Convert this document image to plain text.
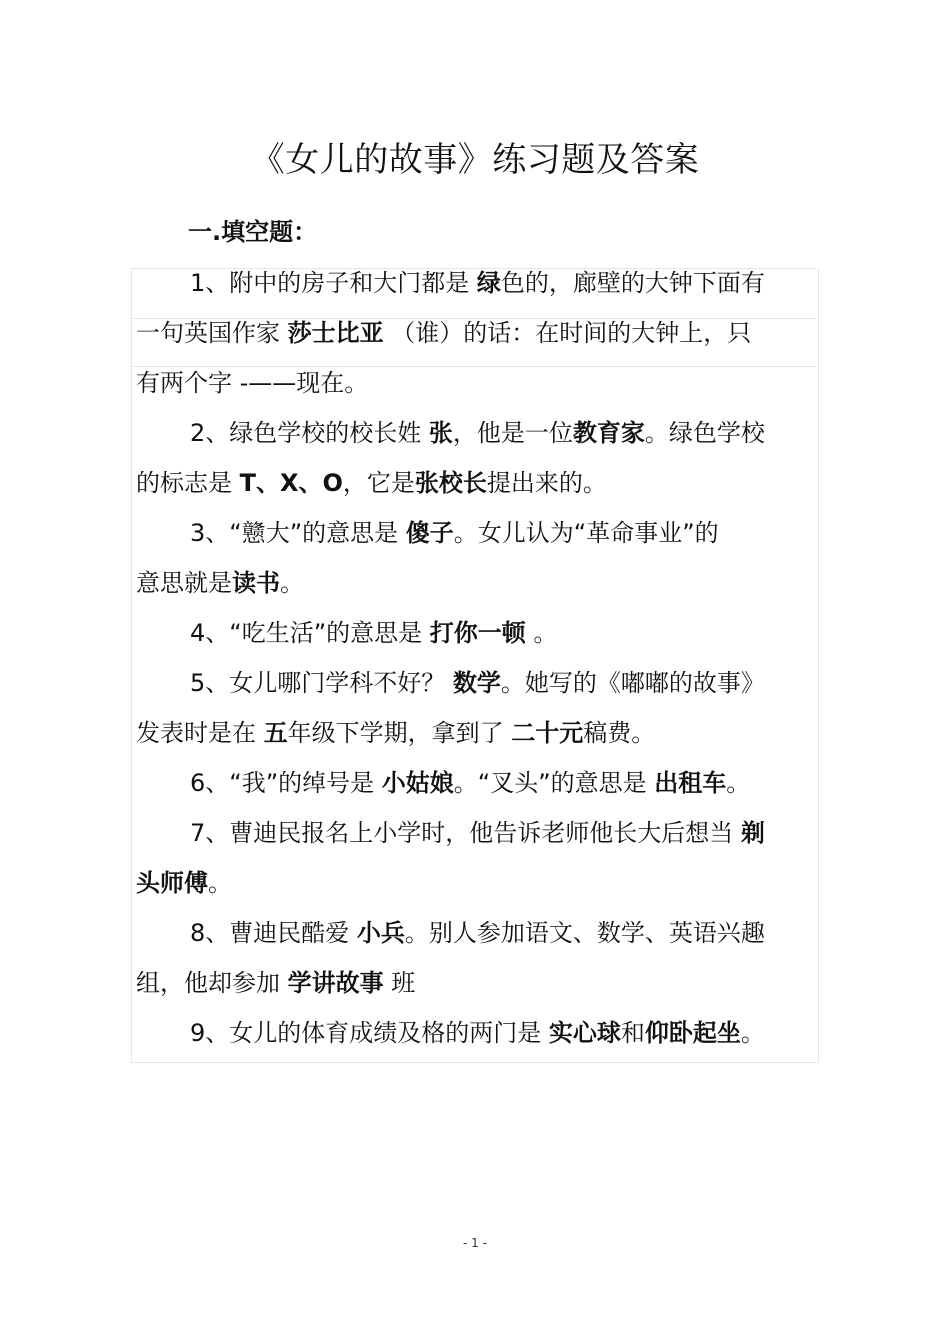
《女儿的故事》练习题及答案
一.填空题：
1、附中的房子和大门都是 绿色的，廊壁的大钟下面有
一句英国作家 莎士比亚 （谁）的话：在时间的大钟上，只
有两个字 -——现在。
2、绿色学校的校长姓 张，他是一位教育家。绿色学校
的标志是 T、X、O，它是张校长提出来的。
3、“戆大”的意思是 傻子。女儿认为“革命事业”的
意思就是读书。
4、“吃生活”的意思是 打你一顿 。
5、女儿哪门学科不好？ 数学。她写的《嘟嘟的故事》
发表时是在 五年级下学期，拿到了 二十元稿费。
6、“我”的绰号是 小姑娘。“叉头”的意思是 出租车。
7、曹迪民报名上小学时，他告诉老师他长大后想当 剃
头师傅。
8、曹迪民酷爱 小兵。别人参加语文、数学、英语兴趣
组，他却参加 学讲故事 班
9、女儿的体育成绩及格的两门是 实心球和仰卧起坐。
- 1 -
